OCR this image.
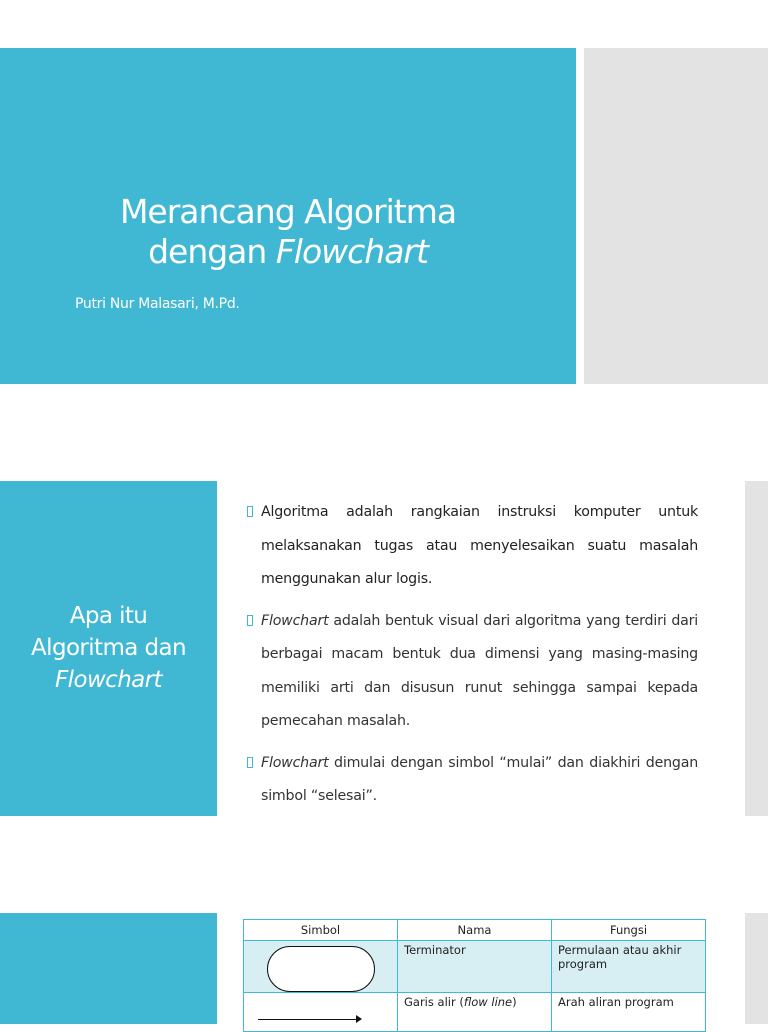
Merancang Algoritma
dengan Flowchart
Putri Nur Malasari, M.Pd.
Apa itu
Algoritma dan
Flowchart
Algoritma adalah rangkaian instruksi komputer untuk melaksanakan tugas atau menyelesaikan suatu masalah menggunakan alur logis.
Flowchart adalah bentuk visual dari algoritma yang terdiri dari berbagai macam bentuk dua dimensi yang masing-masing memiliki arti dan disusun runut sehingga sampai kepada pemecahan masalah.
Flowchart dimulai dengan simbol “mulai” dan diakhiri dengan simbol “selesai”.
Simbol	Nama	Fungsi

	Terminator	Permulaan atau akhir program

	Garis alir (flow line)	Arah aliran program
